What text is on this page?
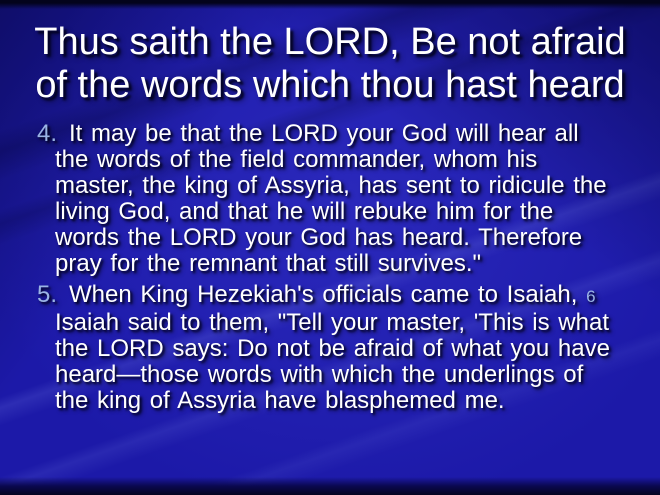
Thus saith the LORD, Be not afraid
of the words which thou hast heard
4. It may be that the LORD your God will hear all the words of the field commander, whom his master, the king of Assyria, has sent to ridicule the living God, and that he will rebuke him for the words the LORD your God has heard. Therefore pray for the remnant that still survives."
5. When King Hezekiah's officials came to Isaiah, 6 Isaiah said to them, "Tell your master, 'This is what the LORD says: Do not be afraid of what you have heard—those words with which the underlings of the king of Assyria have blasphemed me.
